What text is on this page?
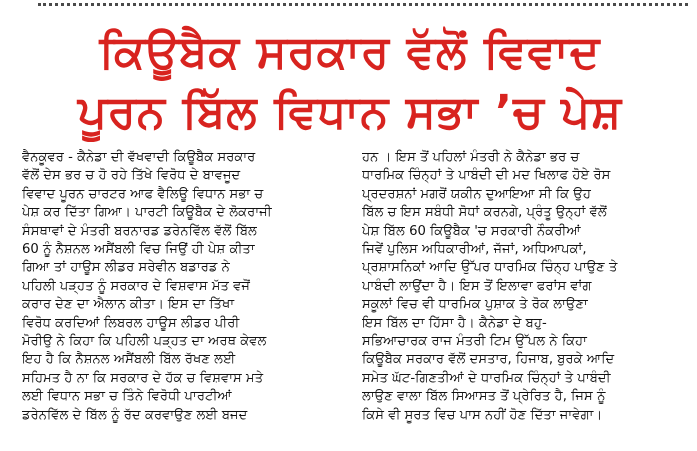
ਕਿਊਬੈਕ ਸਰਕਾਰ ਵੱਲੋਂ ਵਿਵਾਦ
ਪੂਰਨ ਬਿੱਲ ਵਿਧਾਨ ਸਭਾ ’ਚ ਪੇਸ਼
ਵੈਨਕੂਵਰ - ਕੈਨੇਡਾ ਦੀ ਵੱਖਵਾਦੀ ਕਿਊਬੈਕ ਸਰਕਾਰ
ਵੱਲੋਂ ਦੇਸ ਭਰ ਚ ਹੋ ਰਹੇ ਤਿੱਖੇ ਵਿਰੋਧ ਦੇ ਬਾਵਜੂਦ
ਵਿਵਾਦ ਪੂਰਨ ਚਾਰਟਰ ਆਫ ਵੈਲਿਊ ਵਿਧਾਨ ਸਭਾ ਚ
ਪੇਸ਼ ਕਰ ਦਿੱਤਾ ਗਿਆ। ਪਾਰਟੀ ਕਿਊਬੈਕ ਦੇ ਲੋਕਰਾਜੀ
ਸੰਸਥਾਵਾਂ ਦੇ ਮੰਤਰੀ ਬਰਨਾਰਡ ਡਰੇਨਵਿੱਲ ਵੱਲੋਂ ਬਿੱਲ
60 ਨੂੰ ਨੈਸ਼ਨਲ ਅਸੈਂਬਲੀ ਵਿਚ ਜਿਉਂ ਹੀ ਪੇਸ਼ ਕੀਤਾ
ਗਿਆ ਤਾਂ ਹਾਊਸ ਲੀਡਰ ਸਰੇਵੀਨ ਬਡਾਰਡ ਨੇ
ਪਹਿਲੀ ਪੜ੍ਹਤ ਨੂੰ ਸਰਕਾਰ ਦੇ ਵਿਸ਼ਵਾਸ ਮੱਤ ਵਜੋਂ
ਕਰਾਰ ਦੇਣ ਦਾ ਐਲਾਨ ਕੀਤਾ। ਇਸ ਦਾ ਤਿੱਖਾ
ਵਿਰੋਧ ਕਰਦਿਆਂ ਲਿਬਰਲ ਹਾਊਸ ਲੀਡਰ ਪੀਰੀ
ਮੋਰੀਉ ਨੇ ਕਿਹਾ ਕਿ ਪਹਿਲੀ ਪੜ੍ਹਤ ਦਾ ਅਰਥ ਕੇਵਲ
ਇਹ ਹੈ ਕਿ ਨੈਸ਼ਨਲ ਅਸੈਂਬਲੀ ਬਿੱਲ ਰੱਖਣ ਲਈ
ਸਹਿਮਤ ਹੈ ਨਾ ਕਿ ਸਰਕਾਰ ਦੇ ਹੱਕ ਚ ਵਿਸ਼ਵਾਸ ਮਤੇ
ਲਈ ਵਿਧਾਨ ਸਭਾ ਚ ਤਿੰਨੇ ਵਿਰੋਧੀ ਪਾਰਟੀਆਂ
ਡਰੇਨਵਿੱਲ ਦੇ ਬਿੱਲ ਨੂੰ ਰੱਦ ਕਰਵਾਉਣ ਲਈ ਬਜਦ
ਹਨ । ਇਸ ਤੋਂ ਪਹਿਲਾਂ ਮੰਤਰੀ ਨੇ ਕੈਨੇਡਾ ਭਰ ਚ
ਧਾਰਮਿਕ ਚਿੰਨ੍ਹਾਂ ਤੇ ਪਾਬੰਦੀ ਦੀ ਮਦ ਖਿਲਾਫ ਹੋਏ ਰੋਸ
ਪ੍ਰਦਰਸ਼ਨਾਂ ਮਗਰੋਂ ਯਕੀਨ ਦੁਆਇਆ ਸੀ ਕਿ ਉਹ
ਬਿੱਲ ਚ ਇਸ ਸਬੰਧੀ ਸੋਧਾਂ ਕਰਨਗੇ, ਪ੍ਰੰਤੂ ਉਨ੍ਹਾਂ ਵੱਲੋਂ
ਪੇਸ਼ ਬਿੱਲ 60 ਕਿਊਬੈਕ 'ਚ ਸਰਕਾਰੀ ਨੌਕਰੀਆਂ
ਜਿਵੇਂ ਪੁਲਿਸ ਅਧਿਕਾਰੀਆਂ, ਜੱਜਾਂ, ਅਧਿਆਪਕਾਂ,
ਪ੍ਰਸ਼ਾਸਨਿਕਾਂ ਆਦਿ ਉੱਪਰ ਧਾਰਮਿਕ ਚਿੰਨ੍ਹ ਪਾਉਣ ਤੇ
ਪਾਬੰਦੀ ਲਾਉਂਦਾ ਹੈ। ਇਸ ਤੋਂ ਇਲਾਵਾ ਫਰਾਂਸ ਵਾਂਗ
ਸਕੂਲਾਂ ਵਿਚ ਵੀ ਧਾਰਮਿਕ ਪੁਸ਼ਾਕ ਤੇ ਰੋਕ ਲਾਉਣਾ
ਇਸ ਬਿੱਲ ਦਾ ਹਿੱਸਾ ਹੈ। ਕੈਨੇਡਾ ਦੇ ਬਹੁ-
ਸਭਿਆਚਾਰਕ ਰਾਜ ਮੰਤਰੀ ਟਿਮ ਉੱਪਲ ਨੇ ਕਿਹਾ
ਕਿਊਬੈਕ ਸਰਕਾਰ ਵੱਲੋਂ ਦਸਤਾਰ, ਹਿਜਾਬ, ਬੁਰਕੇ ਆਦਿ
ਸਮੇਤ ਘੱਟ-ਗਿਣਤੀਆਂ ਦੇ ਧਾਰਮਿਕ ਚਿੰਨ੍ਹਾਂ ਤੇ ਪਾਬੰਦੀ
ਲਾਉਣ ਵਾਲਾ ਬਿੱਲ ਸਿਆਸਤ ਤੋਂ ਪ੍ਰੇਰਿਤ ਹੈ, ਜਿਸ ਨੂੰ
ਕਿਸੇ ਵੀ ਸੂਰਤ ਵਿਚ ਪਾਸ ਨਹੀਂ ਹੋਣ ਦਿੱਤਾ ਜਾਵੇਗਾ।
